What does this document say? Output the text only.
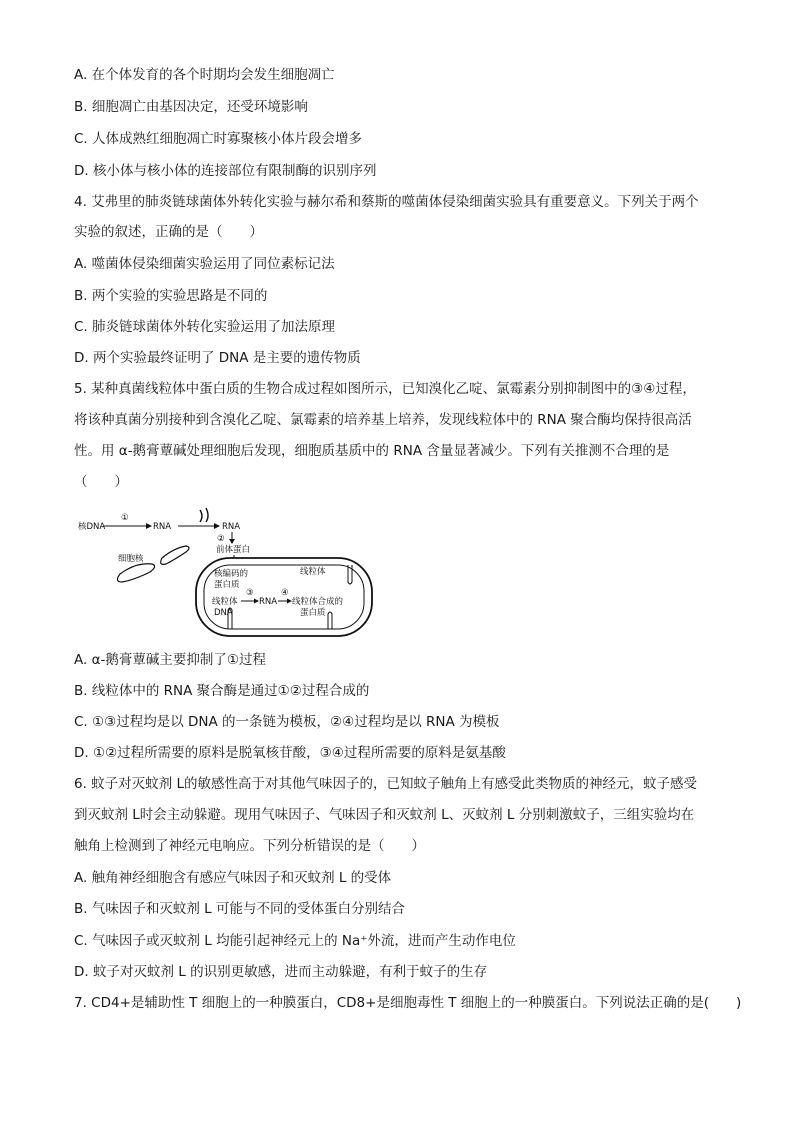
A. 在个体发育的各个时期均会发生细胞凋亡
B. 细胞凋亡由基因决定，还受环境影响
C. 人体成熟红细胞凋亡时寡聚核小体片段会增多
D. 核小体与核小体的连接部位有限制酶的识别序列
4. 艾弗里的肺炎链球菌体外转化实验与赫尔希和蔡斯的噬菌体侵染细菌实验具有重要意义。下列关于两个
实验的叙述，正确的是（　　）
A. 噬菌体侵染细菌实验运用了同位素标记法
B. 两个实验的实验思路是不同的
C. 肺炎链球菌体外转化实验运用了加法原理
D. 两个实验最终证明了 DNA 是主要的遗传物质
5. 某种真菌线粒体中蛋白质的生物合成过程如图所示，已知溴化乙啶、氯霉素分别抑制图中的③④过程，
将该种真菌分别接种到含溴化乙啶、氯霉素的培养基上培养，发现线粒体中的 RNA 聚合酶均保持很高活
性。用 α-鹅膏蕈碱处理细胞后发现，细胞质基质中的 RNA 含量显著减少。下列有关推测不合理的是
（　　）
核DNA
①
RNA	RNA
②
前体蛋白
细胞核
线粒体
核编码的
蛋白质
线粒体
DNA
③
RNA
④
线粒体合成的
蛋白质
A. α-鹅膏蕈碱主要抑制了①过程
B. 线粒体中的 RNA 聚合酶是通过①②过程合成的
C. ①③过程均是以 DNA 的一条链为模板，②④过程均是以 RNA 为模板
D. ①②过程所需要的原料是脱氧核苷酸，③④过程所需要的原料是氨基酸
6. 蚊子对灭蚊剂 L的敏感性高于对其他气味因子的，已知蚊子触角上有感受此类物质的神经元，蚊子感受
到灭蚊剂 L时会主动躲避。现用气味因子、气味因子和灭蚊剂 L、灭蚊剂 L 分别刺激蚊子，三组实验均在
触角上检测到了神经元电响应。下列分析错误的是（　　）
A. 触角神经细胞含有感应气味因子和灭蚊剂 L 的受体
B. 气味因子和灭蚊剂 L 可能与不同的受体蛋白分别结合
C. 气味因子或灭蚊剂 L 均能引起神经元上的 Na⁺外流，进而产生动作电位
D. 蚊子对灭蚊剂 L 的识别更敏感，进而主动躲避，有利于蚊子的生存
7. CD4+是辅助性 T 细胞上的一种膜蛋白，CD8+是细胞毒性 T 细胞上的一种膜蛋白。下列说法正确的是(　　)
